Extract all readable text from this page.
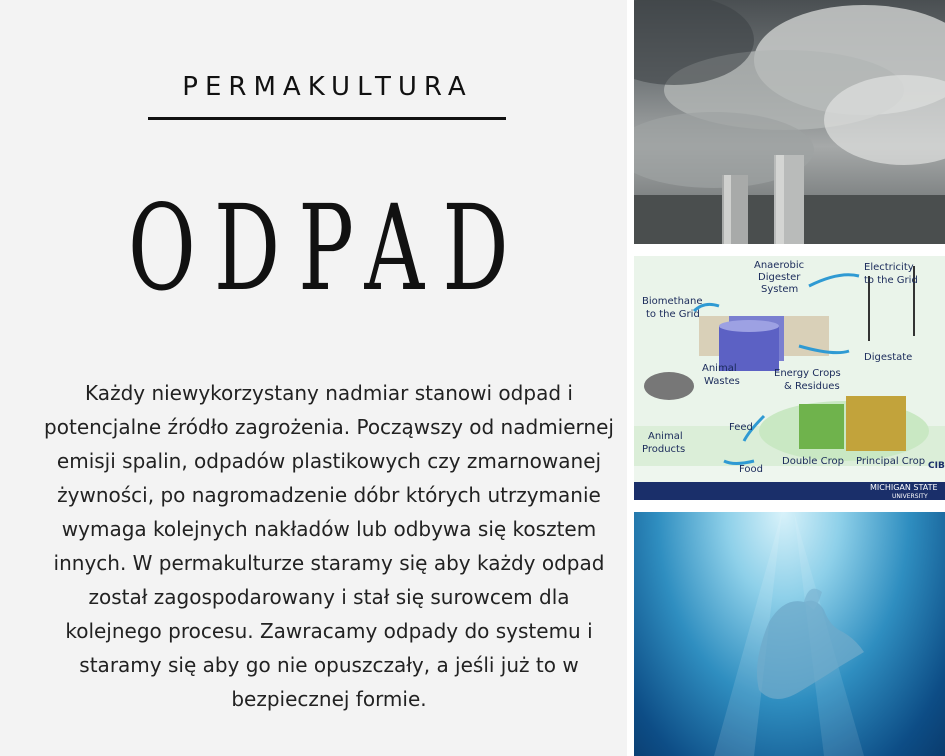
PERMAKULTURA
ODPAD
Każdy niewykorzystany nadmiar stanowi odpad i potencjalne źródło zagrożenia. Począwszy od nadmiernej emisji spalin, odpadów plastikowych czy zmarnowanej żywności, po nagromadzenie dóbr których utrzymanie wymaga kolejnych nakładów lub odbywa się kosztem innych. W permakulturze staramy się aby każdy odpad został zagospodarowany i stał się surowcem dla kolejnego procesu. Zawracamy odpady do systemu i staramy się aby go nie opuszczały, a jeśli już to w bezpiecznej formie.
Anaerobic
Digester
System
Electricity
to the Grid
Biomethane
to the Grid
Animal
Wastes
Energy Crops
& Residues
Digestate
Feed
Animal
Products
Food
Double Crop Principal Crop
MICHIGAN STATE
UNIVERSITY
CIB
